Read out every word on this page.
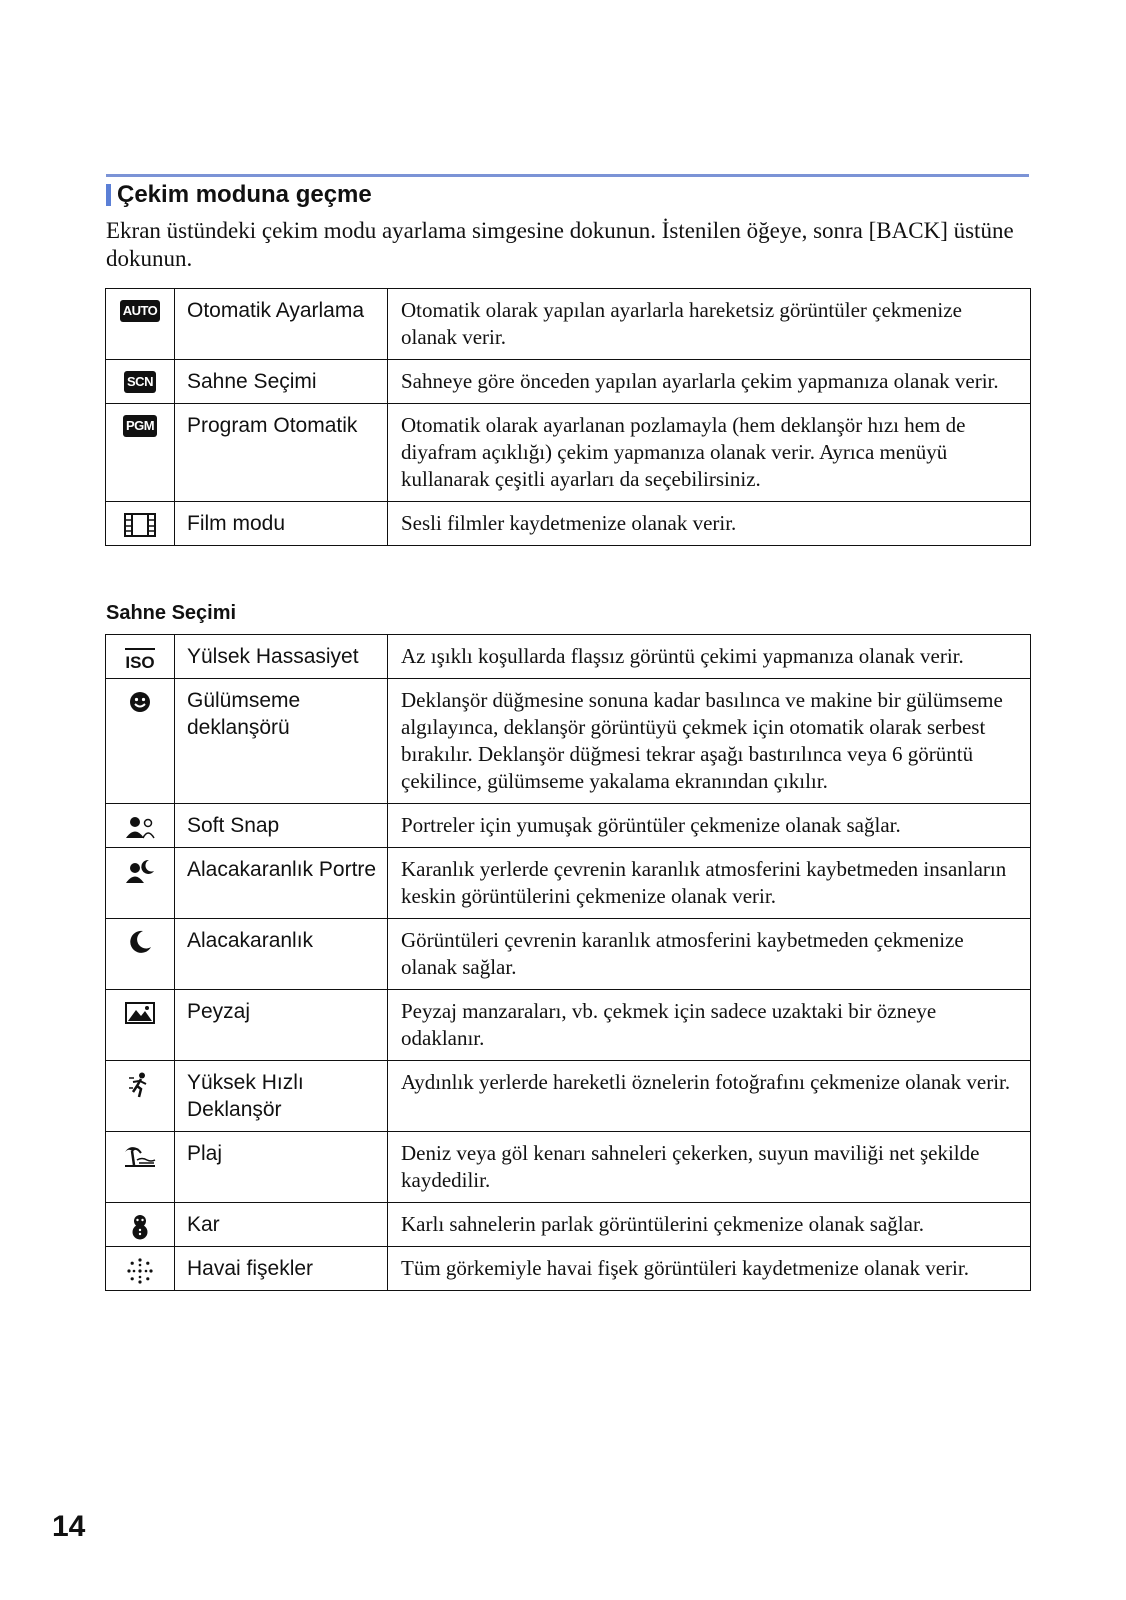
Çekim moduna geçme
Ekran üstündeki çekim modu ayarlama simgesine dokunun. İstenilen öğeye, sonra [BACK] üstüne dokunun.
AUTO	Otomatik Ayarlama	Otomatik olarak yapılan ayarlarla hareketsiz görüntüler çekmenize olanak verir.

SCN	Sahne Seçimi	Sahneye göre önceden yapılan ayarlarla çekim yapmanıza olanak verir.

PGM	Program Otomatik	Otomatik olarak ayarlanan pozlamayla (hem deklanşör hızı hem de diyafram açıklığı) çekim yapmanıza olanak verir. Ayrıca menüyü kullanarak çeşitli ayarları da seçebilirsiniz.

	Film modu	Sesli filmler kaydetmenize olanak verir.
Sahne Seçimi
ISO	Yülsek Hassasiyet	Az ışıklı koşullarda flaşsız görüntü çekimi yapmanıza olanak verir.

	Gülümseme deklanşörü	Deklanşör düğmesine sonuna kadar basılınca ve makine bir gülümseme algılayınca, deklanşör görüntüyü çekmek için otomatik olarak serbest bırakılır. Deklanşör düğmesi tekrar aşağı bastırılınca veya 6 görüntü çekilince, gülümseme yakalama ekranından çıkılır.

	Soft Snap	Portreler için yumuşak görüntüler çekmenize olanak sağlar.

	Alacakaranlık Portre	Karanlık yerlerde çevrenin karanlık atmosferini kaybetmeden insanların keskin görüntülerini çekmenize olanak verir.

	Alacakaranlık	Görüntüleri çevrenin karanlık atmosferini kaybetmeden çekmenize olanak sağlar.

	Peyzaj	Peyzaj manzaraları, vb. çekmek için sadece uzaktaki bir özneye odaklanır.

	Yüksek Hızlı Deklanşör	Aydınlık yerlerde hareketli öznelerin fotoğrafını çekmenize olanak verir.

	Plaj	Deniz veya göl kenarı sahneleri çekerken, suyun maviliği net şekilde kaydedilir.

	Kar	Karlı sahnelerin parlak görüntülerini çekmenize olanak sağlar.

	Havai fişekler	Tüm görkemiyle havai fişek görüntüleri kaydetmenize olanak verir.
14
